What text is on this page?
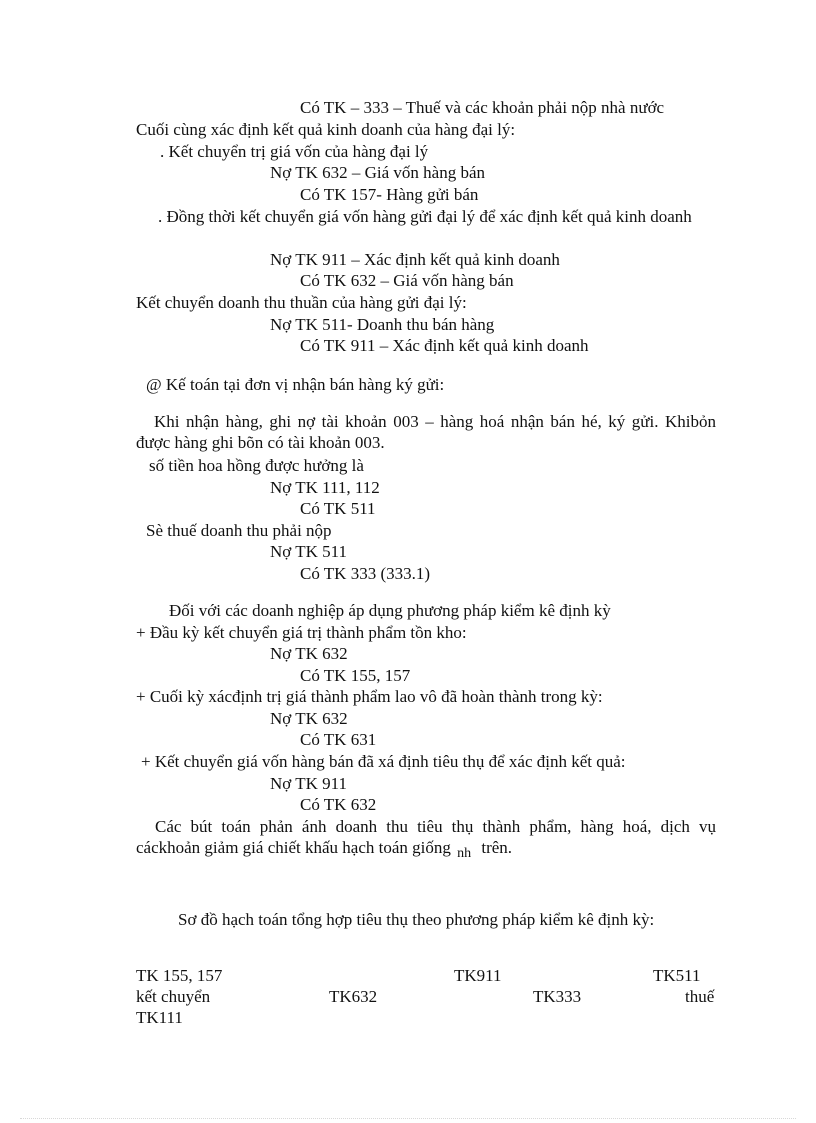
Có TK – 333 – Thuế và các khoản phải nộp nhà nước
Cuối cùng xác định kết quả kinh doanh của hàng đại lý:
. Kết chuyển trị giá vốn của hàng đại lý
Nợ TK 632 – Giá vốn hàng bán
Có TK 157- Hàng gửi bán
. Đồng thời kết chuyển giá vốn hàng gửi đại lý để xác định kết quả kinh doanh
Nợ TK 911 – Xác định kết quả kinh doanh
Có TK 632 – Giá vốn hàng bán
Kết chuyển doanh thu thuần của hàng gửi đại lý:
Nợ TK 511- Doanh thu bán hàng
Có TK 911 – Xác định kết quả kinh doanh
@ Kế toán tại đơn vị nhận bán hàng ký gửi:
Khi nhận hàng, ghi nợ tài khoản 003 – hàng hoá nhận bán hé, ký gửi. Khibỏn được hàng ghi bõn có tài khoản 003.
số tiền hoa hồng được hưởng là
Nợ TK 111, 112
Có TK 511
Sè thuế doanh thu phải nộp
Nợ TK 511
Có TK 333 (333.1)
Đối với các doanh nghiệp áp dụng phương pháp kiểm kê định kỳ
+ Đầu kỳ kết chuyển giá trị thành phẩm tồn kho:
Nợ TK 632
Có TK 155, 157
+ Cuối kỳ xácđịnh trị giá thành phẩm lao vô đã hoàn thành trong kỳ:
Nợ TK 632
Có TK 631
+ Kết chuyển giá vốn hàng bán đã xá định tiêu thụ để xác định kết quả:
Nợ TK 911
Có TK 632
Các bút toán phản ánh doanh thu tiêu thụ thành phẩm, hàng hoá, dịch vụ cáckhoản giảm giá chiết khấu hạch toán giống $_{nh}$ trên.
Sơ đồ hạch toán tổng hợp tiêu thụ theo phương pháp kiểm kê định kỳ:
TK 155, 157	TK911	TK511
kết chuyển	TK632	TK333	thuế
TK111
